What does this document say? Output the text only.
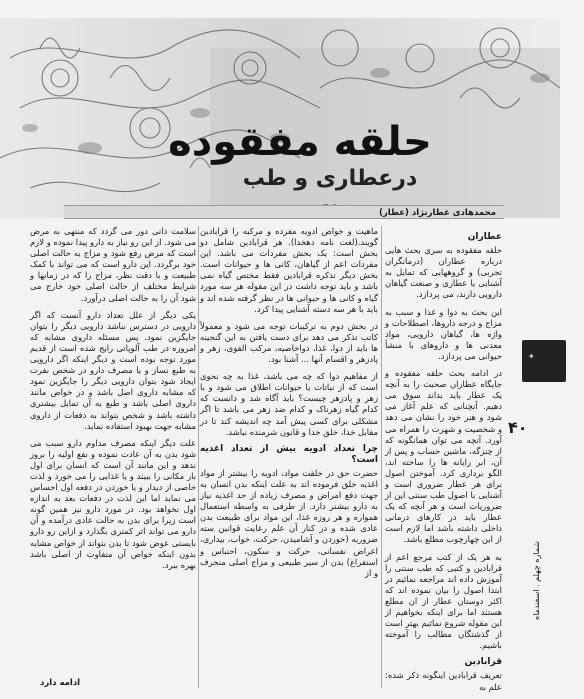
حلقه مفقوده
درعطاری و طب
محمدهادی عطارنژاد (عطار)
عطاران

حلقه مفقوده به سری بحث هایی درباره عطاران (درمانگران تجربی) و گروههایی که تمایل به آشنایی با عطاری و صنعت گیاهان دارویی دارند، می پردازد.

این بحث به دوا و غذا و سبب به مزاج و درجه داروها، اصطلاحات و واژه ها، گیاهان دارویی، مواد معدنی ها و داروهای با منشأ حیوانی می پردازد.

در ادامه بحث حلقه مفقوده و جایگاه عطاران صحبت را به آنچه یک عطار باید بداند سوق می دهیم. آنچنانی که علم آغاز می شود و هنر خود را نشان می دهد و شخصیت و شهرت را همراه می آورد. آنچه می توان همانگونه که از چنزگه، ماشین حساب و پس از آن، ابر رایانه ها را ساخته اند، الگو برداری کرد. آموختن اصول برای هر عطار ضروری است و آشنایی با اصول طب سنتی این از ضروریات است و هر آنچه که یک عطار باید در کارهای درمانی داخلی داشته باشد اما لازم است از این چهارچوب مطلع باشد.

به هر یک از کتب مرجع اعم از قرابادین و کتبی که طب سنتی را آموزش داده اند مراجعه نمائیم در ابتدا اصول را بیان نموده اند که اکثر دوستان عطار از ان مطلع هستند اما برای اینکه بخواهیم از این مقوله شروع نمائیم بهتر است از گذشتگان مطالب را آموخته باشیم.

قرابادین

تعریف قرابادین اینگونه ذکر شده: علم به

ماهیت و خواص ادویه مفرده و مرکبه را قرابادین گویند.(لغت نامه دهخدا). هر قرابادین شامل دو بخش است: یک بخش مفردات می باشد. این مفردات اعم از گیاهان، کانی ها و حیوانات است. بخش دیگر تذکره قرابادین فقط مختص گیاه نمی باشد و باید توجه داشت در این مقوله هر سه مورد گیاه و کانی ها و حیوانی ها در نظر گرفته شده اند و باید با هر سه دسته آشنایی پیدا کرد.

در بخش دوم به ترکیبات توجه می شود و معمولاً کاتب تذکر می دهد برای دست یافتن به این گنجینه ها باید از دوا، غذا، دواخاصیه، مرکب القوی، زهر و پادزهر و اقسام آنها ... آشنا بود.

از مفاهیم دوا که چه می باشد، غذا به چه نحوی است که از نباتات یا حیوانات اطلاق می شود و با زهر و پادزهر چیست؟ باید آگاه شد و دانست که کدام گیاه زهرناک و کدام ضد زهر می باشد تا اگر مشکلی برای کسی پیش آمد چه اندیشه کند تا در مقابل خدا، خلق خدا و قانون شرمنده نباشد.

چرا تعداد ادویه بیش از تعداد اغذیه است؟

حضرت حق در خلقت مواد، ادویه را بیشتر از مواد اغذیه خلق فرموده اند به علت اینکه بدن انسان به جهت دفع امراض و مصرف زیاده از حد اغذیه نیاز به دارو بیشتر دارد. از طرفی به واسطه استعمال همواره و هر روزه غذا، این مواد برای طبیعت بدن عادی شده و در کنار آن علم رعایت قوانین سته ضروریه (خوردن و آشامیدن، حرکت، خواب، بیداری، اعراض نفسانی، حرکت و سکون، احتباس و استفراغ) بدن از سیر طبیعی و مزاج اصلی منحرف و از

سلامت ذاتی دور می گردد که منتهی به مرض می شود. از این رو نیاز به دارو پیدا نموده و لازم است که مرض رفع شود و مزاج به حالت اصلی خود برگردد. این دارو است که می تواند با کمک طبیعت و با دقت نظر، مزاج را که در زمانها و شرایط مختلف از حالت اصلی خود خارج می شود آن را به حالت اصلی درآورد.

یکی دیگر از علل تعداد دارو آنست که اگر دارویی در دسترس نباشد دارویی دیگر را بتوان جایگزین نمود. پس مسئله داروی مشابه که امروزه در طب آلوپاتی رایج شده است از قدیم مورد توجه بوده است و دیگر اینکه اگر دارویی به طبع نساز و یا مصرف دارو در شخص نفرت ایجاد شود بتوان دارویی دیگر را جایگزین نمود که مشابه داروی اصل باشد و در خواص مانند داروی اصلی باشد و طبع به آن تمایل بیشتری داشته باشد و شخص بتواند به دفعات از داروی مشابه جهت بهبود استفاده نماید.

علت دیگر اینکه مصرف مداوم دارو سبب می شود بدن به آن عادت نموده و نفع اولیه را بروز ندهد و این مانند آن است که انسان برای اول بار مکانی را ببیند و یا غذایی را می خورد و لذت خاصی از دیدار و یا خوردن در دفعه اول احساس می نماید اما این لذت در دفعات بعد به اندازه اول نخواهد بود. در مورد دارو نیز همین گونه است زیرا برای بدن به حالت عادی درآمده و آن دارو می تواند اثر کمتری بگذارد و ازاین رو دارو بایستی عوض شود تا بدن بتواند از خواص مشابه بدون اینکه خواص آن متفاوت از اصلی باشد بهره ببرد.

✦
۴۰
شماره چهلم . اسفندماه
ادامه دارد
